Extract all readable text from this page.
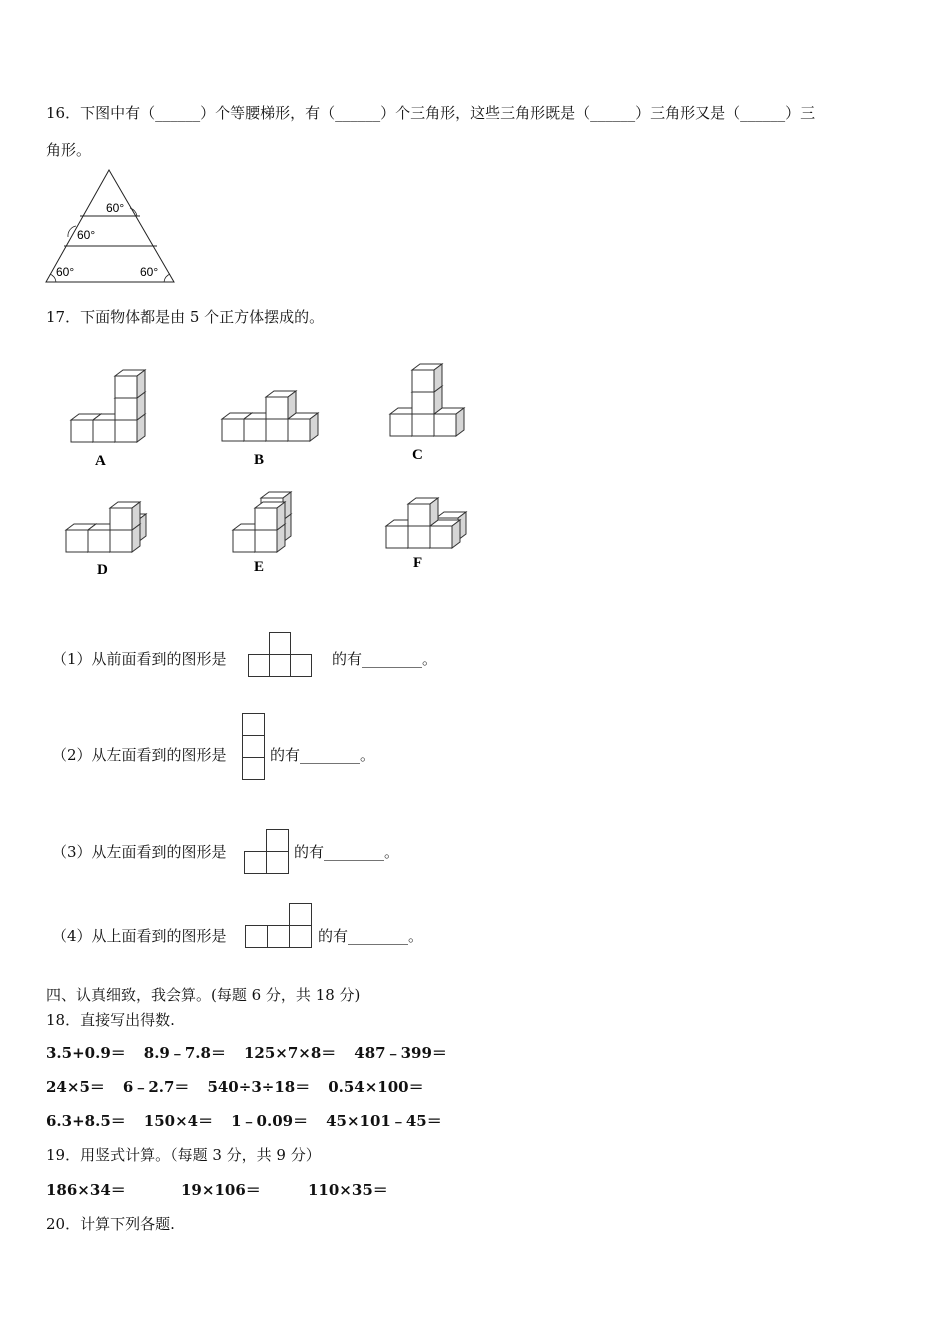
16．下图中有（______）个等腰梯形，有（______）个三角形，这些三角形既是（______）三角形又是（______）三
角形。
60°
60°
60°	60°
17．下面物体都是由 5 个正方体摆成的。
A	B	C
D	E	F
（1）从前面看到的图形是	的有________。
（2）从左面看到的图形是	的有________。
（3）从左面看到的图形是	的有________。
（4）从上面看到的图形是	的有________。
四、认真细致，我会算。(每题 6 分，共 18 分)
18．直接写出得数.
3.5+0.9＝ 8.9﹣7.8＝ 125×7×8＝ 487﹣399＝
24×5＝ 6﹣2.7＝ 540÷3÷18＝ 0.54×100＝
6.3+8.5＝ 150×4＝ 1﹣0.09＝ 45×101﹣45＝
19．用竖式计算。（每题 3 分，共 9 分）
186×34＝	19×106＝	110×35＝
20．计算下列各题.
